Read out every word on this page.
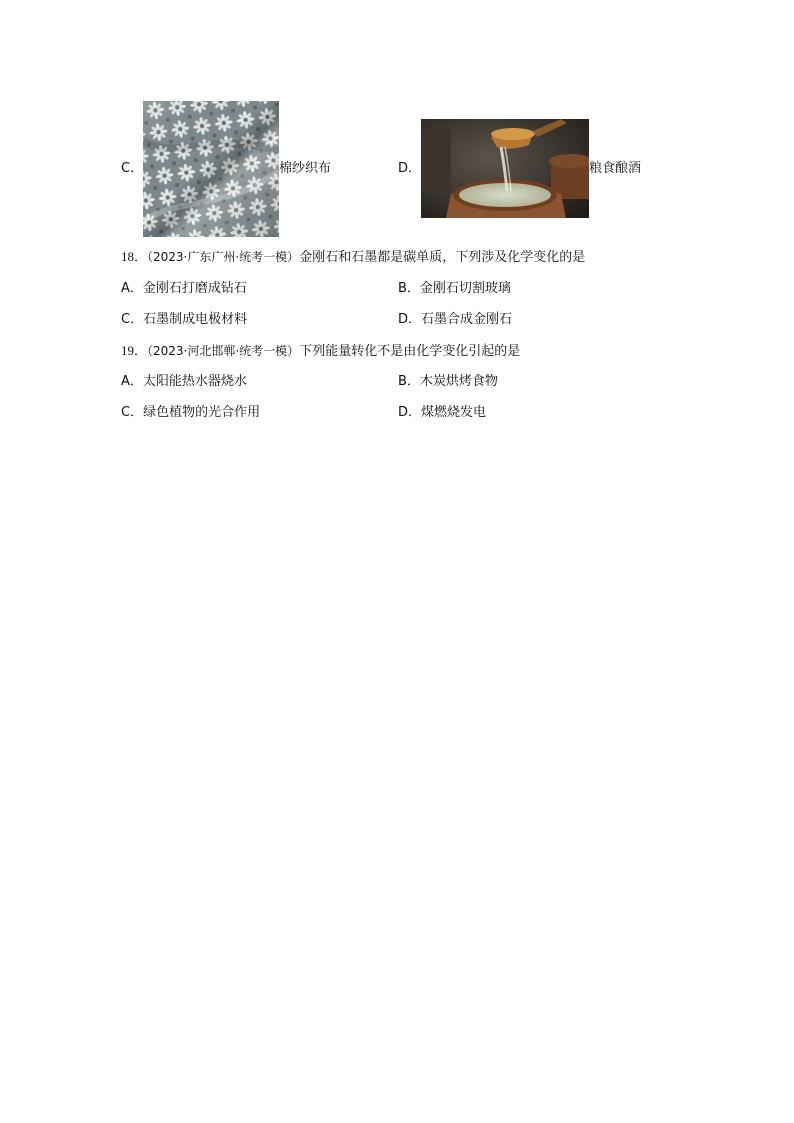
C．	棉纱织布	D．	粮食酿酒
18．（2023·广东广州·统考一模）金刚石和石墨都是碳单质，下列涉及化学变化的是
A．金刚石打磨成钻石	B．金刚石切割玻璃
C．石墨制成电极材料	D．石墨合成金刚石
19．（2023·河北邯郸·统考一模）下列能量转化不是由化学变化引起的是
A．太阳能热水器烧水	B．木炭烘烤食物
C．绿色植物的光合作用	D．煤燃烧发电
